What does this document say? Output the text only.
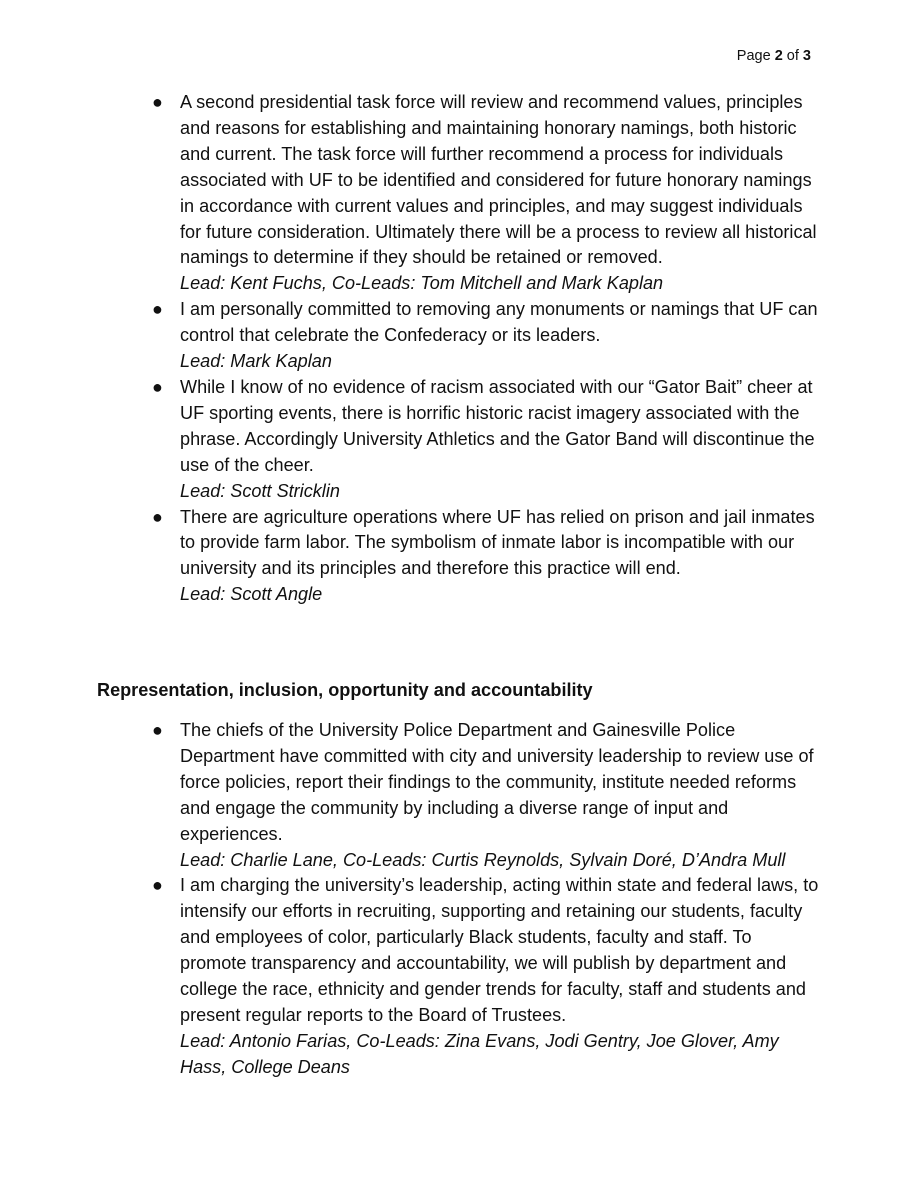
Page 2 of 3
● A second presidential task force will review and recommend values, principles and reasons for establishing and maintaining honorary namings, both historic and current. The task force will further recommend a process for individuals associated with UF to be identified and considered for future honorary namings in accordance with current values and principles, and may suggest individuals for future consideration. Ultimately there will be a process to review all historical namings to determine if they should be retained or removed.
Lead: Kent Fuchs, Co-Leads: Tom Mitchell and Mark Kaplan
● I am personally committed to removing any monuments or namings that UF can control that celebrate the Confederacy or its leaders.
Lead: Mark Kaplan
● While I know of no evidence of racism associated with our “Gator Bait” cheer at UF sporting events, there is horrific historic racist imagery associated with the phrase. Accordingly University Athletics and the Gator Band will discontinue the use of the cheer.
Lead: Scott Stricklin
● There are agriculture operations where UF has relied on prison and jail inmates to provide farm labor. The symbolism of inmate labor is incompatible with our university and its principles and therefore this practice will end.
Lead: Scott Angle
Representation, inclusion, opportunity and accountability
● The chiefs of the University Police Department and Gainesville Police Department have committed with city and university leadership to review use of force policies, report their findings to the community, institute needed reforms and engage the community by including a diverse range of input and experiences.
Lead: Charlie Lane, Co-Leads: Curtis Reynolds, Sylvain Doré, D’Andra Mull
● I am charging the university’s leadership, acting within state and federal laws, to intensify our efforts in recruiting, supporting and retaining our students, faculty and employees of color, particularly Black students, faculty and staff. To promote transparency and accountability, we will publish by department and college the race, ethnicity and gender trends for faculty, staff and students and present regular reports to the Board of Trustees.
Lead: Antonio Farias, Co-Leads: Zina Evans, Jodi Gentry, Joe Glover, Amy Hass, College Deans
